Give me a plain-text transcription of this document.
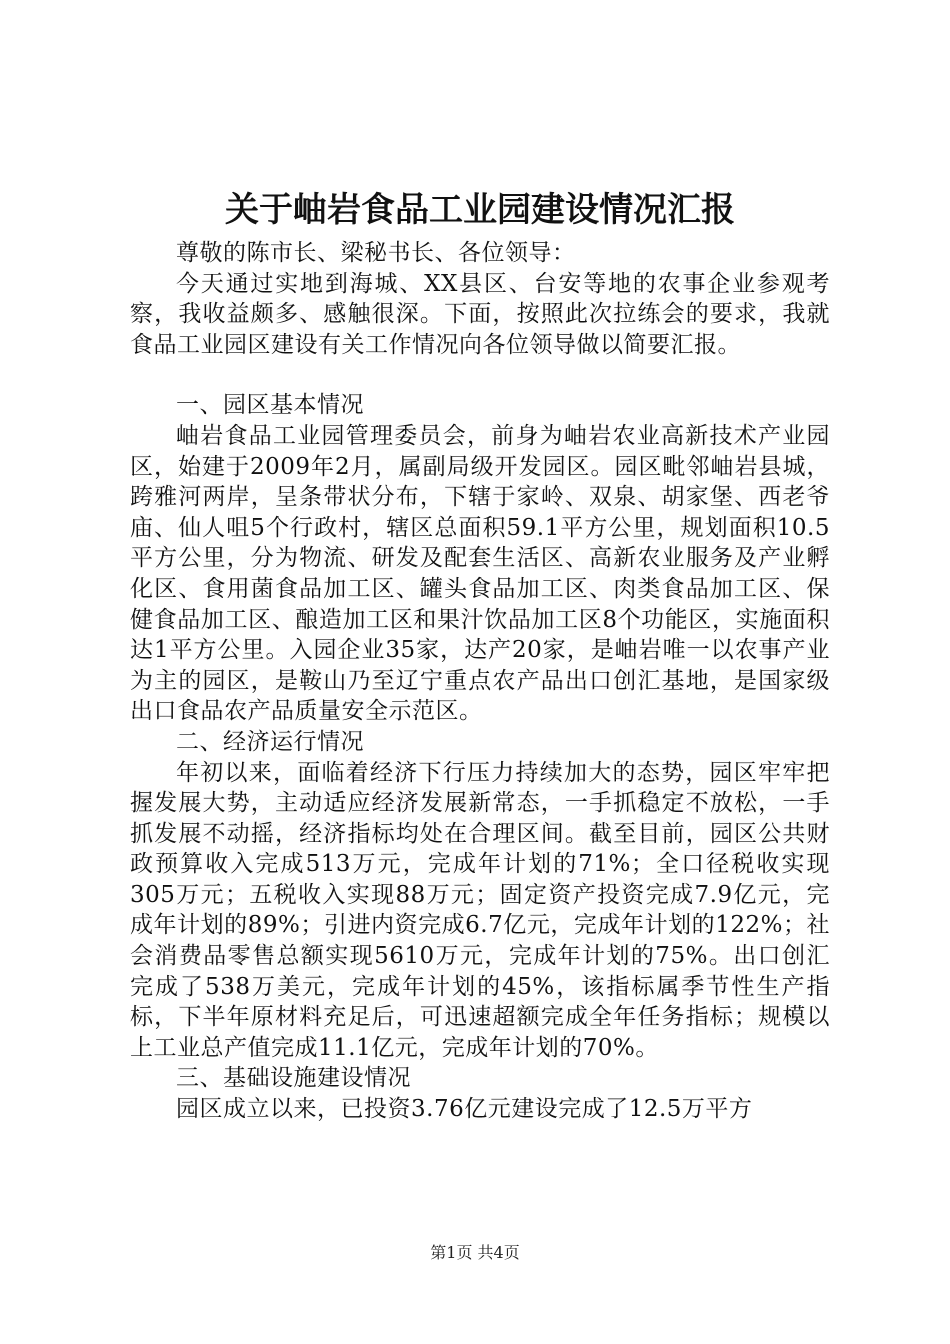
关于岫岩食品工业园建设情况汇报

尊敬的陈市长、梁秘书长、各位领导：

今天通过实地到海城、XX县区、台安等地的农事企业参观考察，我收益颇多、感触很深。下面，按照此次拉练会的要求，我就食品工业园区建设有关工作情况向各位领导做以简要汇报。

一、园区基本情况

岫岩食品工业园管理委员会，前身为岫岩农业高新技术产业园区，始建于2009年2月，属副局级开发园区。园区毗邻岫岩县城，跨雅河两岸，呈条带状分布，下辖于家岭、双泉、胡家堡、西老爷庙、仙人咀5个行政村，辖区总面积59.1平方公里，规划面积10.5平方公里，分为物流、研发及配套生活区、高新农业服务及产业孵化区、食用菌食品加工区、罐头食品加工区、肉类食品加工区、保健食品加工区、酿造加工区和果汁饮品加工区8个功能区，实施面积达1平方公里。入园企业35家，达产20家，是岫岩唯一以农事产业为主的园区，是鞍山乃至辽宁重点农产品出口创汇基地，是国家级出口食品农产品质量安全示范区。

二、经济运行情况

年初以来，面临着经济下行压力持续加大的态势，园区牢牢把握发展大势，主动适应经济发展新常态，一手抓稳定不放松，一手抓发展不动摇，经济指标均处在合理区间。截至目前，园区公共财政预算收入完成513万元，完成年计划的71%；全口径税收实现305万元；五税收入实现88万元；固定资产投资完成7.9亿元，完成年计划的89%；引进内资完成6.7亿元，完成年计划的122%；社会消费品零售总额实现5610万元，完成年计划的75%。出口创汇完成了538万美元，完成年计划的45%，该指标属季节性生产指标，下半年原材料充足后，可迅速超额完成全年任务指标；规模以上工业总产值完成11.1亿元，完成年计划的70%。

三、基础设施建设情况

园区成立以来，已投资3.76亿元建设完成了12.5万平方

第1页 共4页
